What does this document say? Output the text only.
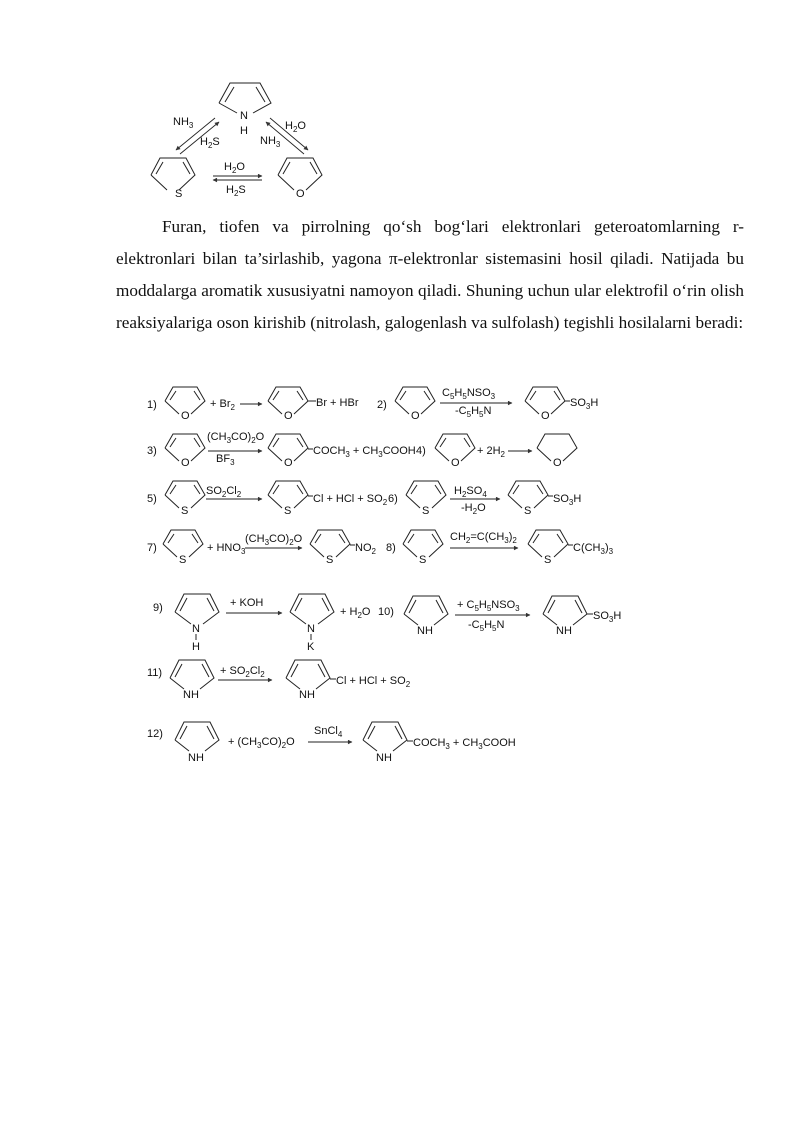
N
H
$NH_3$
$H_2S$
$H_2O$
$NH_3$
S	O
$H_2O$
$H_2S$
1)
O
+ $Br_2$
O
Br + HBr 2)
O
$C_5H_5NSO_3$
$-C_5H_5N$	O
$SO_3H$
3)
O
$(CH_3CO)_2O$
$BF_3$	O
$COCH_3$ + $CH_3COOH$ 4)
O
+ $2H_2$
O
5)
S
$SO_2Cl_2$
S
Cl + HCl + $SO_2$ 6)
S
$H_2SO_4$
$-H_2O$	S
$SO_3H$
7)
S
+ $HNO_3$
$(CH_3CO)_2O$
S
$NO_2$ 8)
S
$CH_2=C(CH_3)_2$
S
$C(CH_3)_3$
9)
N
H
+ KOH
N
K
+ $H_2O$ 10)
NH
+ $C_5H_5NSO_3$
$-C_5H_5N$	NH
$SO_3H$
11)
NH
+ $SO_2Cl_2$
NH
Cl + HCl + $SO_2$
12)
NH
+ $(CH_3CO)_2O$
SnCl$_4$
NH
$COCH_3$ + $CH_3COOH$
Furan, tiofen va pirrolning qo‘sh bog‘lari elektronlari geteroatomlarning r-elektronlari bilan ta’sirlashib, yagona π-elektronlar sistemasini hosil qiladi. Natijada bu moddalarga aromatik xususiyatni namoyon qiladi. Shuning uchun ular elektrofil o‘rin olish reaksiyalariga oson kirishib (nitrolash, galogenlash va sulfolash) tegishli hosilalarni beradi:
